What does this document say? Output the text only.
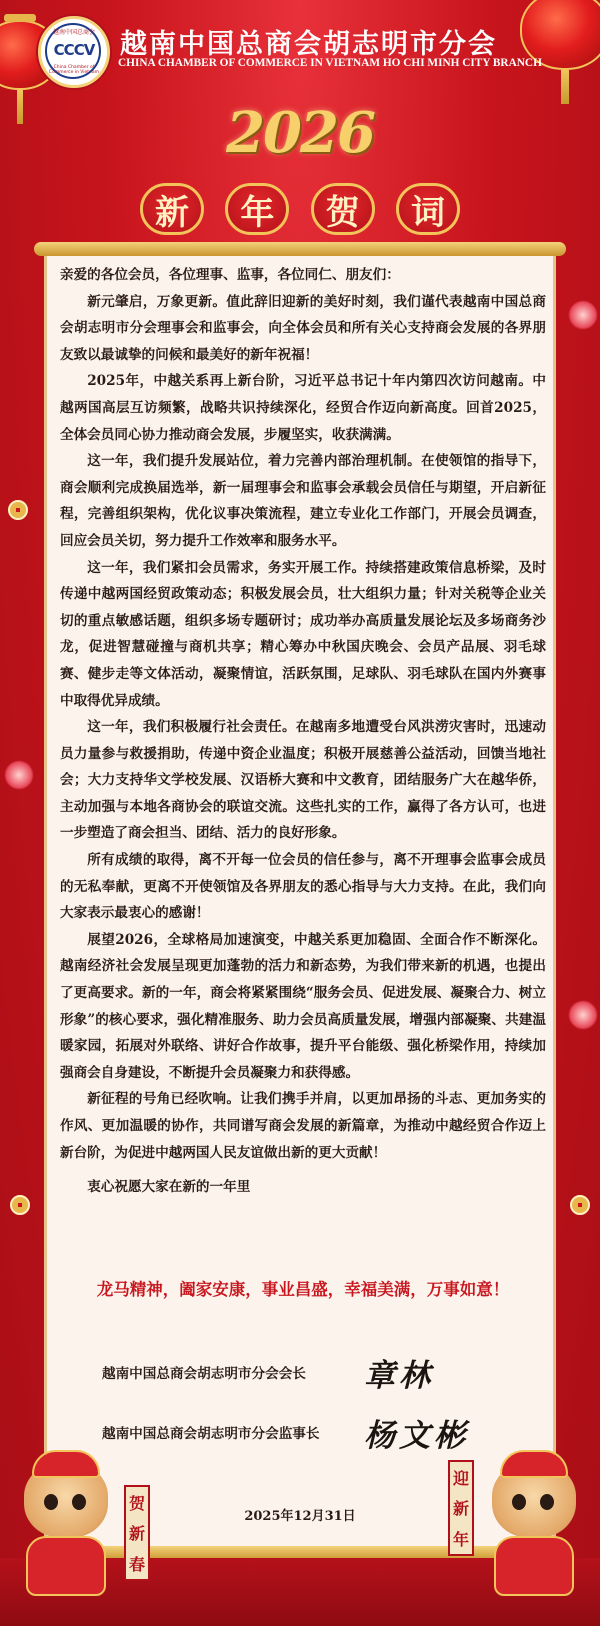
越南中国总商会
CCCV
China Chamber of Commerce in Vietnam
越南中国总商会胡志明市分会
CHINA CHAMBER OF COMMERCE IN VIETNAM HO CHI MINH CITY BRANCH
2026
新	年	贺	词

亲爱的各位会员，各位理事、监事，各位同仁、朋友们：

新元肇启，万象更新。值此辞旧迎新的美好时刻，我们谨代表越南中国总商会胡志明市分会理事会和监事会，向全体会员和所有关心支持商会发展的各界朋友致以最诚挚的问候和最美好的新年祝福！

2025年，中越关系再上新台阶，习近平总书记十年内第四次访问越南。中越两国高层互访频繁，战略共识持续深化，经贸合作迈向新高度。回首2025，全体会员同心协力推动商会发展，步履坚实，收获满满。

这一年，我们提升发展站位，着力完善内部治理机制。在使领馆的指导下，商会顺利完成换届选举，新一届理事会和监事会承载会员信任与期望，开启新征程，完善组织架构，优化议事决策流程，建立专业化工作部门，开展会员调查，回应会员关切，努力提升工作效率和服务水平。

这一年，我们紧扣会员需求，务实开展工作。持续搭建政策信息桥梁，及时传递中越两国经贸政策动态；积极发展会员，壮大组织力量；针对关税等企业关切的重点敏感话题，组织多场专题研讨；成功举办高质量发展论坛及多场商务沙龙，促进智慧碰撞与商机共享；精心筹办中秋国庆晚会、会员产品展、羽毛球赛、健步走等文体活动，凝聚情谊，活跃氛围，足球队、羽毛球队在国内外赛事中取得优异成绩。

这一年，我们积极履行社会责任。在越南多地遭受台风洪涝灾害时，迅速动员力量参与救援捐助，传递中资企业温度；积极开展慈善公益活动，回馈当地社会；大力支持华文学校发展、汉语桥大赛和中文教育，团结服务广大在越华侨，主动加强与本地各商协会的联谊交流。这些扎实的工作，赢得了各方认可，也进一步塑造了商会担当、团结、活力的良好形象。

所有成绩的取得，离不开每一位会员的信任参与，离不开理事会监事会成员的无私奉献，更离不开使领馆及各界朋友的悉心指导与大力支持。在此，我们向大家表示最衷心的感谢！

展望2026，全球格局加速演变，中越关系更加稳固、全面合作不断深化。越南经济社会发展呈现更加蓬勃的活力和新态势，为我们带来新的机遇，也提出了更高要求。新的一年，商会将紧紧围绕“服务会员、促进发展、凝聚合力、树立形象”的核心要求，强化精准服务、助力会员高质量发展，增强内部凝聚、共建温暖家园，拓展对外联络、讲好合作故事，提升平台能级、强化桥梁作用，持续加强商会自身建设，不断提升会员凝聚力和获得感。

新征程的号角已经吹响。让我们携手并肩，以更加昂扬的斗志、更加务实的作风、更加温暖的协作，共同谱写商会发展的新篇章，为推动中越经贸合作迈上新台阶，为促进中越两国人民友谊做出新的更大贡献！

衷心祝愿大家在新的一年里

龙马精神，阖家安康，事业昌盛，幸福美满，万事如意！
越南中国总商会胡志明市分会会长 章林
越南中国总商会胡志明市分会监事长 杨文彬
2025年12月31日
贺
新
春
迎
新
年
